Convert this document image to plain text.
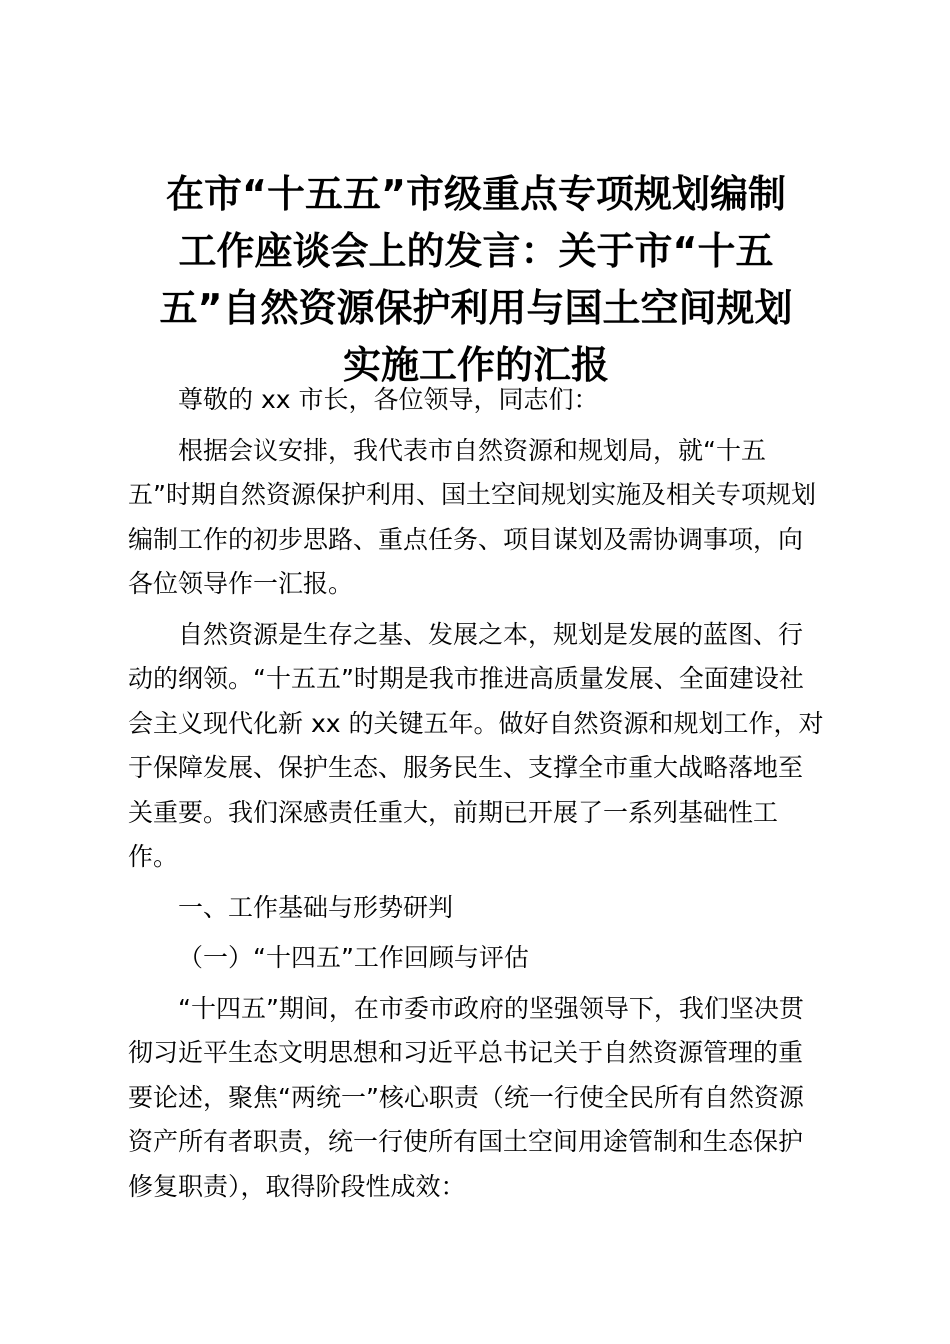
在市“十五五”市级重点专项规划编制
工作座谈会上的发言：关于市“十五
五”自然资源保护利用与国土空间规划
实施工作的汇报

尊敬的 xx 市长，各位领导，同志们：

根据会议安排，我代表市自然资源和规划局，就“十五
五”时期自然资源保护利用、国土空间规划实施及相关专项规划
编制工作的初步思路、重点任务、项目谋划及需协调事项，向
各位领导作一汇报。

自然资源是生存之基、发展之本，规划是发展的蓝图、行
动的纲领。“十五五”时期是我市推进高质量发展、全面建设社
会主义现代化新 xx 的关键五年。做好自然资源和规划工作，对
于保障发展、保护生态、服务民生、支撑全市重大战略落地至
关重要。我们深感责任重大，前期已开展了一系列基础性工
作。

一、工作基础与形势研判

（一）“十四五”工作回顾与评估

“十四五”期间，在市委市政府的坚强领导下，我们坚决贯
彻习近平生态文明思想和习近平总书记关于自然资源管理的重
要论述，聚焦“两统一”核心职责（统一行使全民所有自然资源
资产所有者职责，统一行使所有国土空间用途管制和生态保护
修复职责），取得阶段性成效：
